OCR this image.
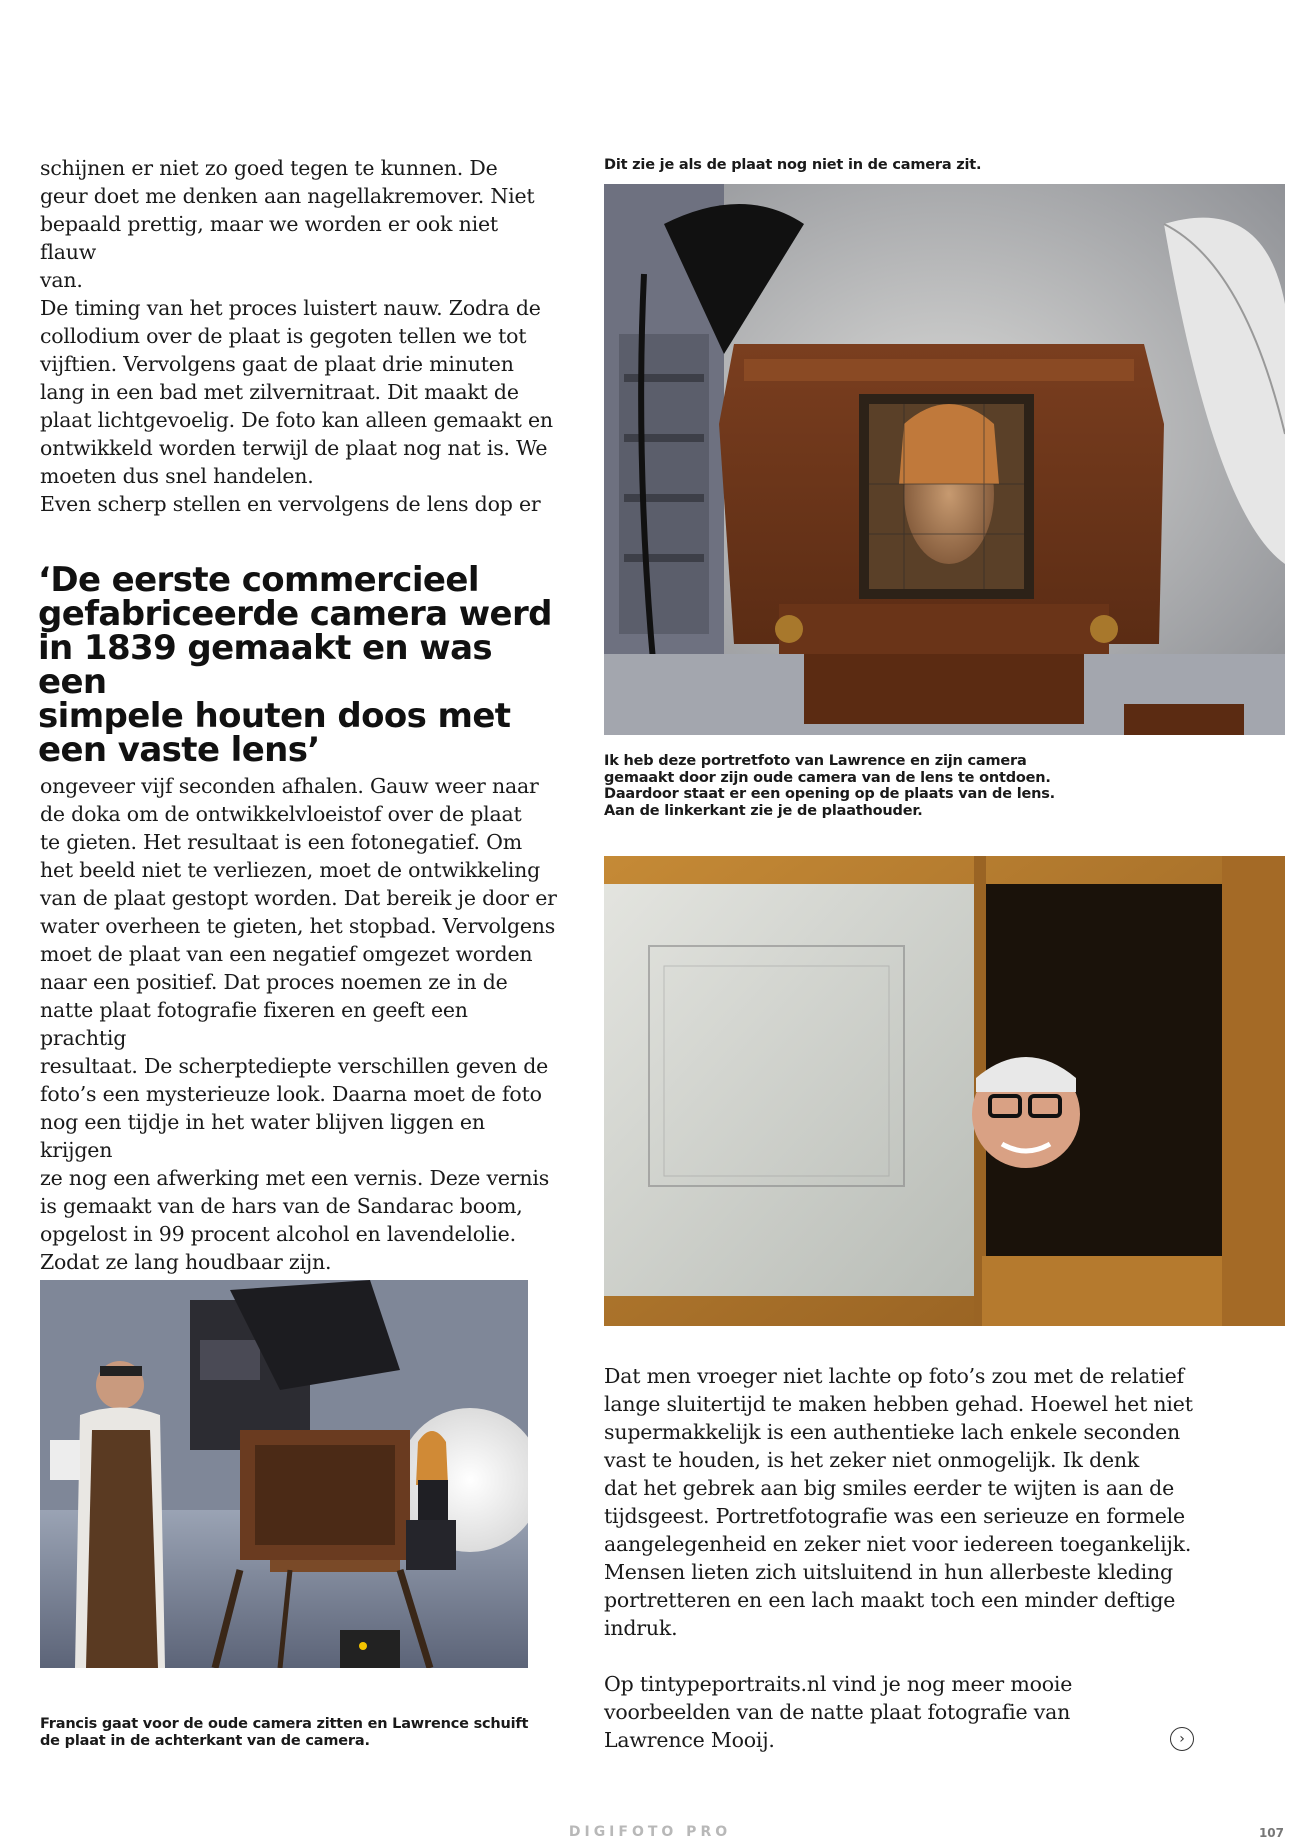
schijnen er niet zo goed tegen te kunnen. De
geur doet me denken aan nagellakremover. Niet
bepaald prettig, maar we worden er ook niet flauw
van.

De timing van het proces luistert nauw. Zodra de
collodium over de plaat is gegoten tellen we tot
vijftien. Vervolgens gaat de plaat drie minuten
lang in een bad met zilvernitraat. Dit maakt de
plaat lichtgevoelig. De foto kan alleen gemaakt en
ontwikkeld worden terwijl de plaat nog nat is. We
moeten dus snel handelen.
Even scherp stellen en vervolgens de lens dop er

‘De eerste commercieel
gefabriceerde camera werd
in 1839 gemaakt en was een
simpele houten doos met
een vaste lens’

ongeveer vijf seconden afhalen. Gauw weer naar
de doka om de ontwikkelvloeistof over de plaat
te gieten. Het resultaat is een fotonegatief. Om
het beeld niet te verliezen, moet de ontwikkeling
van de plaat gestopt worden. Dat bereik je door er
water overheen te gieten, het stopbad. Vervolgens
moet de plaat van een negatief omgezet worden
naar een positief. Dat proces noemen ze in de
natte plaat fotografie fixeren en geeft een prachtig
resultaat. De scherptediepte verschillen geven de
foto’s een mysterieuze look. Daarna moet de foto
nog een tijdje in het water blijven liggen en krijgen
ze nog een afwerking met een vernis. Deze vernis
is gemaakt van de hars van de Sandarac boom,
opgelost in 99 procent alcohol en lavendelolie.
Zodat ze lang houdbaar zijn.

Francis gaat voor de oude camera zitten en Lawrence schuift
de plaat in de achterkant van de camera.

Dit zie je als de plaat nog niet in de camera zit.

Ik heb deze portretfoto van Lawrence en zijn camera
gemaakt door zijn oude camera van de lens te ontdoen.
Daardoor staat er een opening op de plaats van de lens.
Aan de linkerkant zie je de plaathouder.

Dat men vroeger niet lachte op foto’s zou met de relatief
lange sluitertijd te maken hebben gehad. Hoewel het niet
supermakkelijk is een authentieke lach enkele seconden
vast te houden, is het zeker niet onmogelijk. Ik denk
dat het gebrek aan big smiles eerder te wijten is aan de
tijdsgeest. Portretfotografie was een serieuze en formele
aangelegenheid en zeker niet voor iedereen toegankelijk.
Mensen lieten zich uitsluitend in hun allerbeste kleding
portretteren en een lach maakt toch een minder deftige
indruk.

Op tintypeportraits.nl vind je nog meer mooie
voorbeelden van de natte plaat fotografie van
Lawrence Mooij.	›
DIGIFOTO PRO	107
